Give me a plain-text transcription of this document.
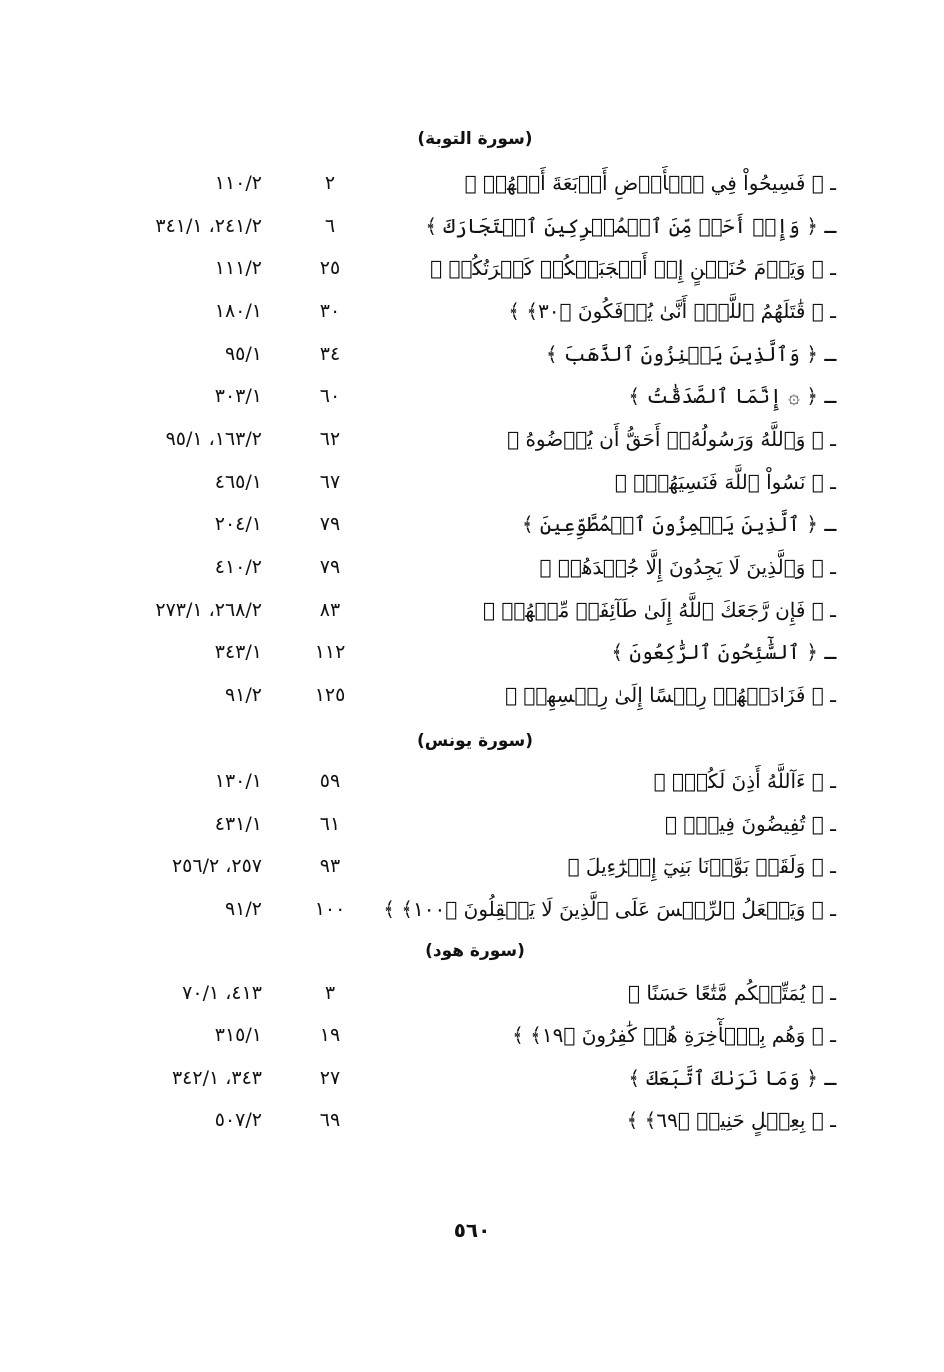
(سورة التوبة)
ـ ﴿ فَسِيحُواْ فِي ٱلۡأَرۡضِ أَرۡبَعَةَ أَشۡهُرٖ ﴾
٢
١١٠/٢
ـ ﴿ وَإِنۡ أَحَدٞ مِّنَ ٱلۡمُشۡرِكِينَ ٱسۡتَجَارَكَ ﴾
٦
٢٤١/٢، ٣٤١/١
ـ ﴿ وَيَوۡمَ حُنَيۡنٍ إِذۡ أَعۡجَبَتۡكُمۡ كَثۡرَتُكُمۡ ﴾
٢٥
١١١/٢
ـ ﴿ قَٰتَلَهُمُ ٱللَّهُۚ أَنَّىٰ يُؤۡفَكُونَ ﴿٣٠﴾ ﴾
٣٠
١٨٠/١
ـ ﴿ وَٱلَّذِينَ يَكۡنِزُونَ ٱلذَّهَبَ ﴾
٣٤
٩٥/١
ـ ﴿ ۞ إِنَّمَا ٱلصَّدَقَٰتُ ﴾
٦٠
٣٠٣/١
ـ ﴿ وَٱللَّهُ وَرَسُولُهُۥٓ أَحَقُّ أَن يُرۡضُوهُ ﴾
٦٢
١٦٣/٢، ٩٥/١
ـ ﴿ نَسُواْ ٱللَّهَ فَنَسِيَهُمۡۚ ﴾
٦٧
٤٦٥/١
ـ ﴿ ٱلَّذِينَ يَلۡمِزُونَ ٱلۡمُطَّوِّعِينَ ﴾
٧٩
٢٠٤/١
ـ ﴿ وَٱلَّذِينَ لَا يَجِدُونَ إِلَّا جُهۡدَهُمۡ ﴾
٧٩
٤١٠/٢
ـ ﴿ فَإِن رَّجَعَكَ ٱللَّهُ إِلَىٰ طَآئِفَةٖ مِّنۡهُمۡ ﴾
٨٣
٢٦٨/٢، ٢٧٣/١
ـ ﴿ ٱلسَّٰٓئِحُونَ ٱلرَّٰكِعُونَ ﴾
١١٢
٣٤٣/١
ـ ﴿ فَزَادَتۡهُمۡ رِجۡسًا إِلَىٰ رِجۡسِهِمۡ ﴾
١٢٥
٩١/٢
(سورة يونس)
ـ ﴿ ءَآللَّهُ أَذِنَ لَكُمۡۖ ﴾
٥٩
١٣٠/١
ـ ﴿ تُفِيضُونَ فِيهِۚ ﴾
٦١
٤٣١/١
ـ ﴿ وَلَقَدۡ بَوَّأۡنَا بَنِيٓ إِسۡرَٰٓءِيلَ ﴾
٩٣
٢٥٧، ٢٥٦/٢
ـ ﴿ وَيَجۡعَلُ ٱلرِّجۡسَ عَلَى ٱلَّذِينَ لَا يَعۡقِلُونَ ﴿١٠٠﴾ ﴾
١٠٠
٩١/٢
(سورة هود)
ـ ﴿ يُمَتِّعۡكُم مَّتَٰعًا حَسَنًا ﴾
٣
٤١٣، ٧٠/١
ـ ﴿ وَهُم بِٱلۡأٓخِرَةِ هُمۡ كَٰفِرُونَ ﴿١٩﴾ ﴾
١٩
٣١٥/١
ـ ﴿ وَمَا نَرَىٰكَ ٱتَّبَعَكَ ﴾
٢٧
٣٤٣، ٣٤٢/١
ـ ﴿ بِعِجۡلٍ حَنِيذٖ ﴿٦٩﴾ ﴾
٦٩
٥٠٧/٢
٥٦٠
